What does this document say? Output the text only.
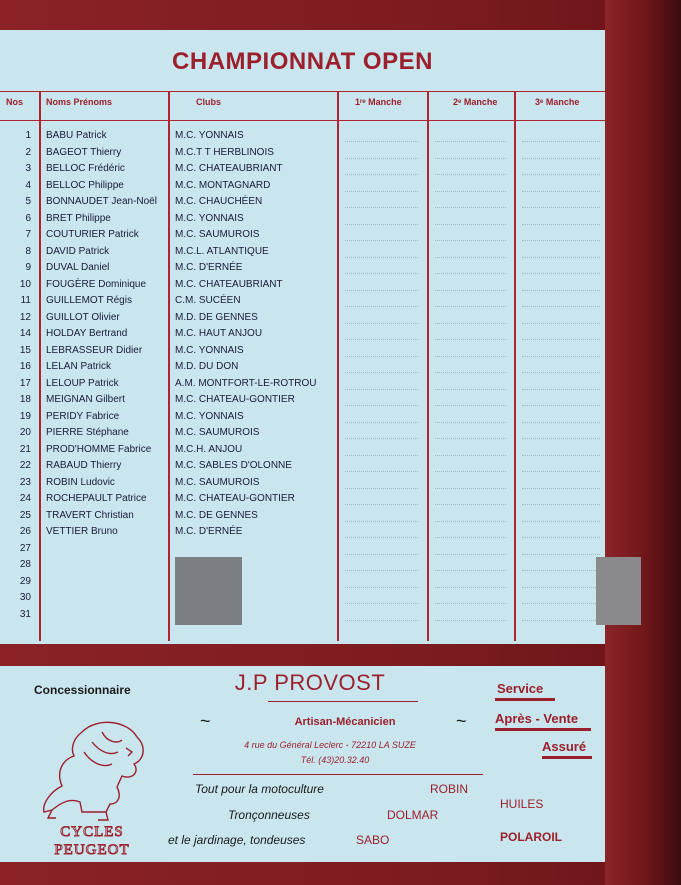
CHAMPIONNAT OPEN
Nos	Noms Prénoms	Clubs	1ʳᵉ Manche	2ᵉ Manche	3ᵉ Manche
1 BABU Patrick	M.C. YONNAIS
2 BAGEOT Thierry	M.C.T T HERBLINOIS
3 BELLOC Frédéric	M.C. CHATEAUBRIANT
4 BELLOC Philippe	M.C. MONTAGNARD
5 BONNAUDET Jean-Noël M.C. CHAUCHÉEN
6 BRET Philippe	M.C. YONNAIS
7 COUTURIER Patrick	M.C. SAUMUROIS
8 DAVID Patrick	M.C.L. ATLANTIQUE
9 DUVAL Daniel	M.C. D'ERNÉE
10 FOUGÈRE Dominique	M.C. CHATEAUBRIANT
11 GUILLEMOT Régis	C.M. SUCÉEN
12 GUILLOT Olivier	M.D. DE GENNES
14 HOLDAY Bertrand	M.C. HAUT ANJOU
15 LEBRASSEUR Didier	M.C. YONNAIS
16 LELAN Patrick	M.D. DU DON
17 LELOUP Patrick	A.M. MONTFORT-LE-ROTROU
18 MEIGNAN Gilbert	M.C. CHATEAU-GONTIER
19 PERIDY Fabrice	M.C. YONNAIS
20 PIERRE Stéphane	M.C. SAUMUROIS
21 PROD'HOMME Fabrice M.C.H. ANJOU
22 RABAUD Thierry	M.C. SABLES D'OLONNE
23 ROBIN Ludovic	M.C. SAUMUROIS
24 ROCHEPAULT Patrice	M.C. CHATEAU-GONTIER
25 TRAVERT Christian	M.C. DE GENNES
26 VETTIER Bruno	M.C. D'ERNÉE
27
28
29
30
31
Concessionnaire	J.P PROVOST
Artisan-Mécanicien
~	~
4 rue du Général Leclerc - 72210 LA SUZE
Tél. (43)20.32.40
Service
Après - Vente
Assuré
Tout pour la motoculture	ROBIN
Tronçonneuses	DOLMAR
et le jardinage, tondeuses	SABO
HUILES
POLAROIL
CYCLES
PEUGEOT
